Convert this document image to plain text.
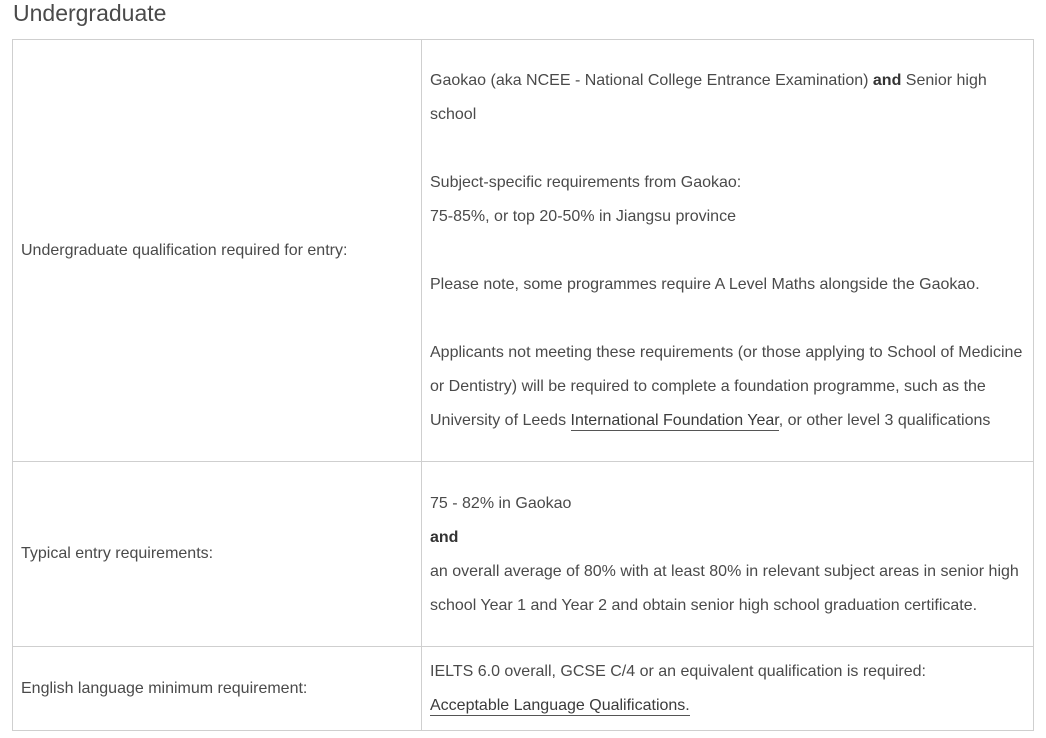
Undergraduate
Undergraduate qualification required for entry:	Gaokao (aka NCEE - National College Entrance Examination) and Senior high school
Subject-specific requirements from Gaokao:
75-85%, or top 20-50% in Jiangsu province
Please note, some programmes require A Level Maths alongside the Gaokao.
Applicants not meeting these requirements (or those applying to School of Medicine or Dentistry) will be required to complete a foundation programme, such as the University of Leeds International Foundation Year, or other level 3 qualifications

Typical entry requirements:	75 - 82% in Gaokao
and
an overall average of 80% with at least 80% in relevant subject areas in senior high school Year 1 and Year 2 and obtain senior high school graduation certificate.

English language minimum requirement:	IELTS 6.0 overall, GCSE C/4 or an equivalent qualification is required:
Acceptable Language Qualifications.
